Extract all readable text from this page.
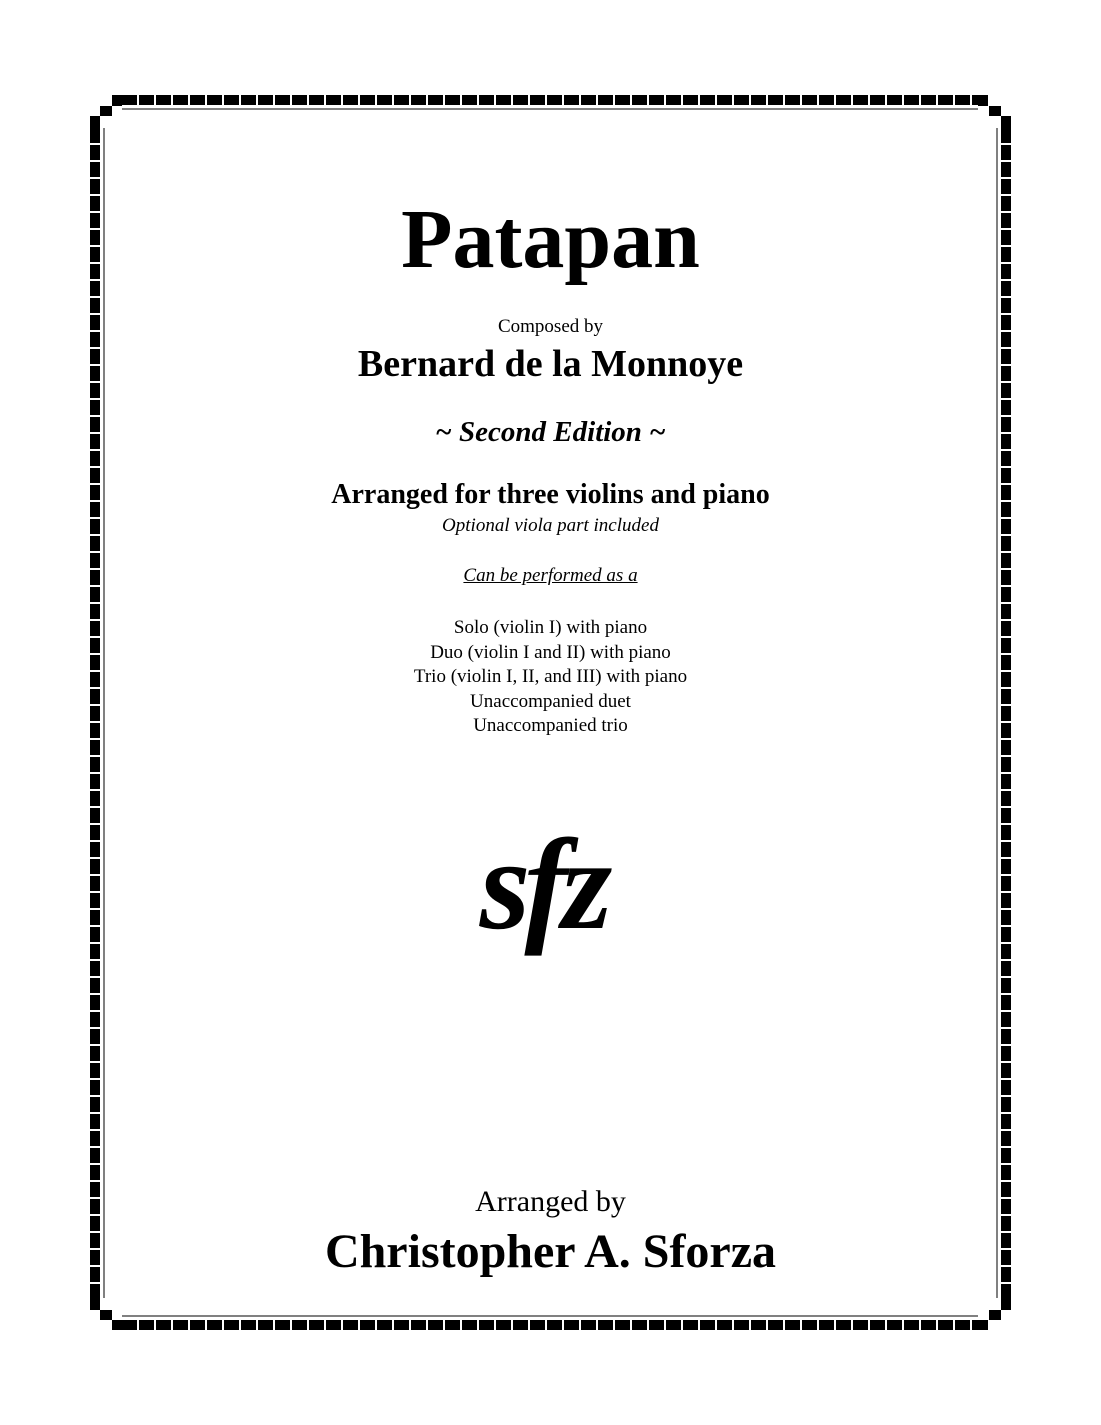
Patapan
Composed by
Bernard de la Monnoye
~ Second Edition ~
Arranged for three violins and piano
Optional viola part included
Can be performed as a
Solo (violin I) with piano
Duo (violin I and II) with piano
Trio (violin I, II, and III) with piano
Unaccompanied duet
Unaccompanied trio
sfz
Arranged by
Christopher A. Sforza
